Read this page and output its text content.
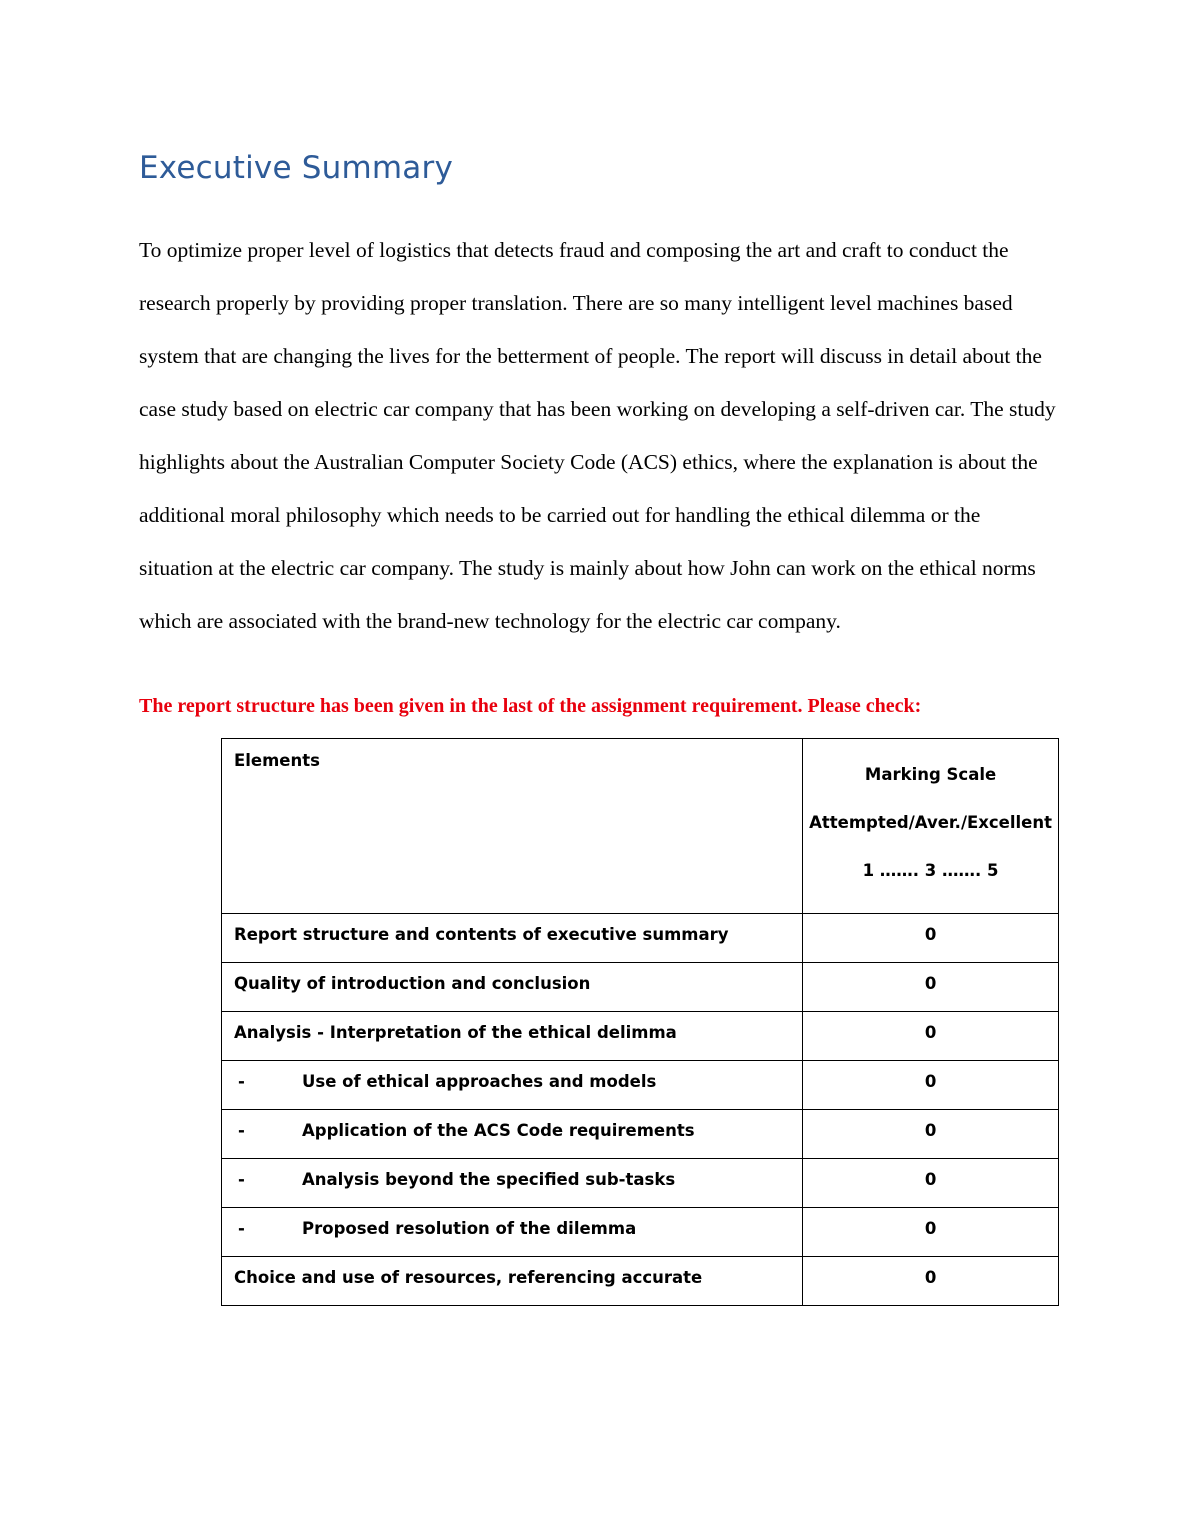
Executive Summary

To optimize proper level of logistics that detects fraud and composing the art and craft to conduct the research properly by providing proper translation. There are so many intelligent level machines based system that are changing the lives for the betterment of people. The report will discuss in detail about the case study based on electric car company that has been working on developing a self-driven car. The study highlights about the Australian Computer Society Code (ACS) ethics, where the explanation is about the additional moral philosophy which needs to be carried out for handling the ethical dilemma or the situation at the electric car company. The study is mainly about how John can work on the ethical norms which are associated with the brand-new technology for the electric car company.

The report structure has been given in the last of the assignment requirement. Please check:

Elements	Marking Scale
Attempted/Aver./Excellent
1 ……. 3 ……. 5

Report structure and contents of executive summary	0
Quality of introduction and conclusion	0
Analysis - Interpretation of the ethical delimma	0
- Use of ethical approaches and models	0
- Application of the ACS Code requirements	0
- Analysis beyond the specified sub-tasks	0
- Proposed resolution of the dilemma	0
Choice and use of resources, referencing accurate	0
